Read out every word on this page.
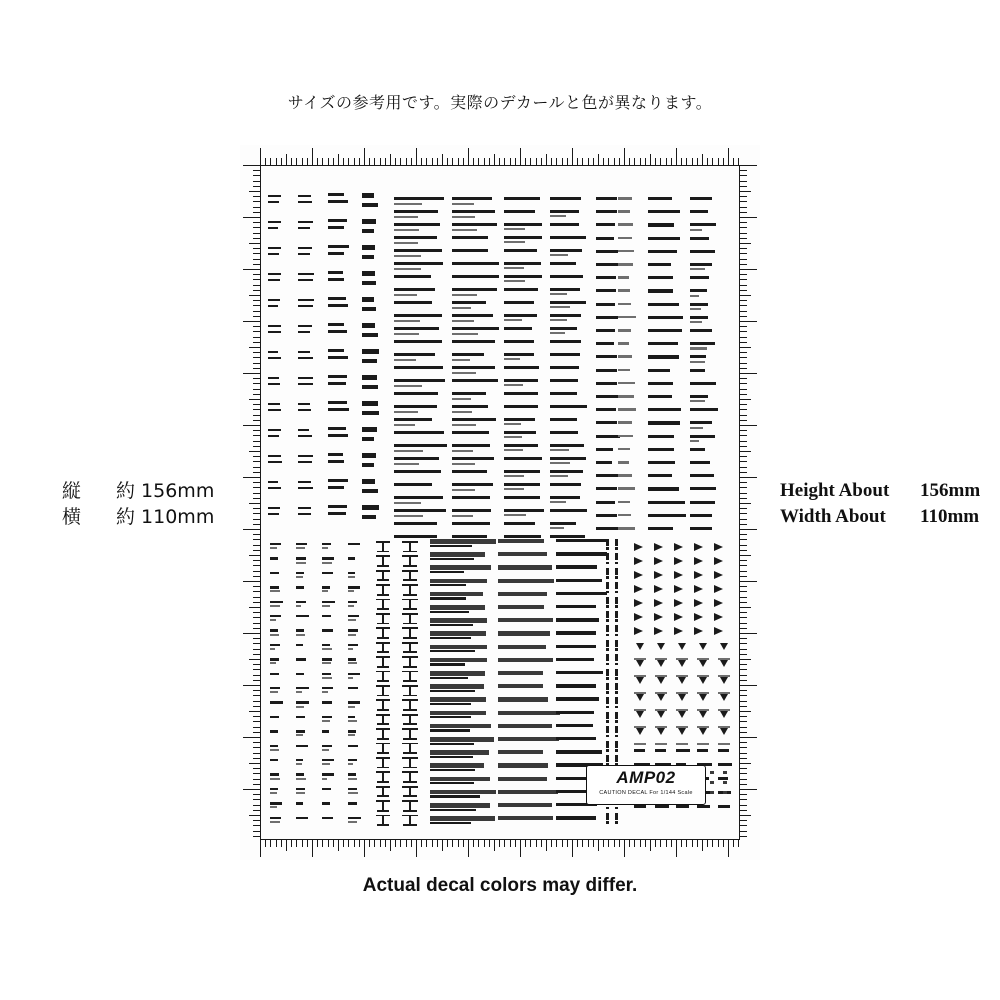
サイズの参考用です。実際のデカールと色が異なります。
縦 約 156mm
横 約 110mm
Height About 156mm
Width About 110mm
AMP02
CAUTION DECAL For 1/144 Scale
Actual decal colors may differ.
